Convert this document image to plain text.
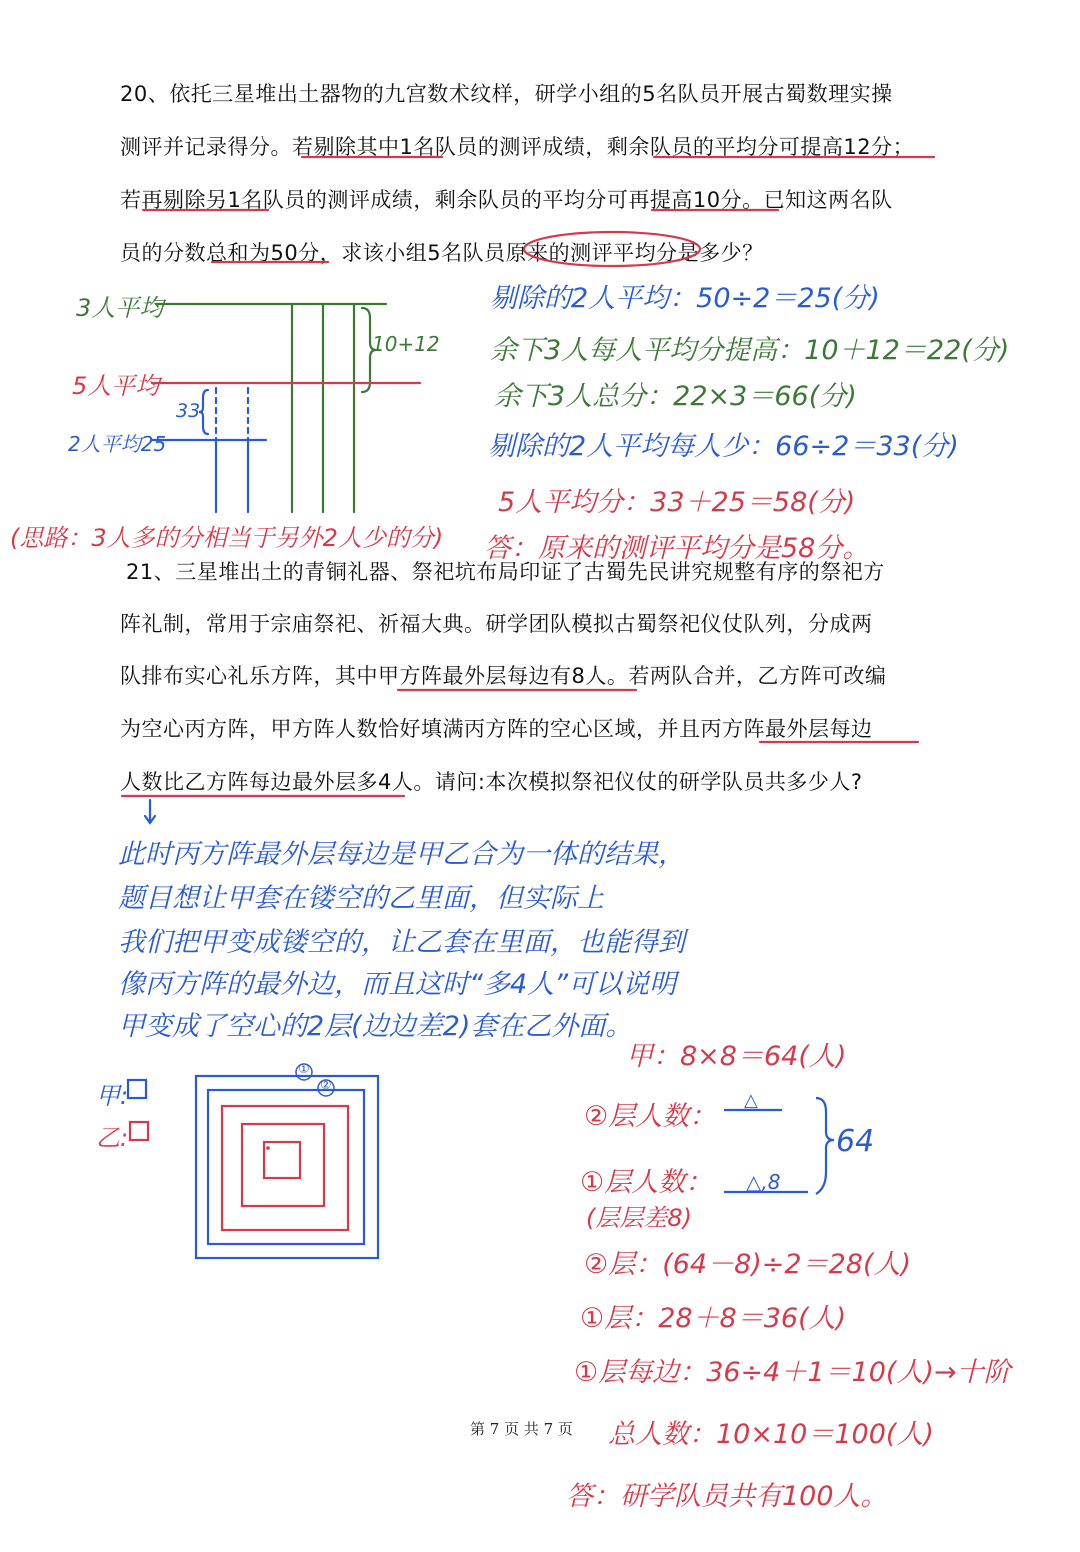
20、依托三星堆出土器物的九宫数术纹样，研学小组的5名队员开展古蜀数理实操
测评并记录得分。若剔除其中1名队员的测评成绩，剩余队员的平均分可提高12分；
若再剔除另1名队员的测评成绩，剩余队员的平均分可再提高10分。已知这两名队
员的分数总和为50分，求该小组5名队员原来的测评平均分是多少？
3人平均
5人平均
2人平均25
33
10+12
(思路：3人多的分相当于另外2人少的分)
剔除的2人平均：50÷2＝25(分)
余下3人每人平均分提高：10＋12＝22(分)
余下3人总分：22×3＝66(分)
剔除的2人平均每人少：66÷2＝33(分)
5人平均分：33＋25＝58(分)
答：原来的测评平均分是58分。
21、三星堆出土的青铜礼器、祭祀坑布局印证了古蜀先民讲究规整有序的祭祀方
阵礼制，常用于宗庙祭祀、祈福大典。研学团队模拟古蜀祭祀仪仗队列，分成两
队排布实心礼乐方阵，其中甲方阵最外层每边有8人。若两队合并，乙方阵可改编
为空心丙方阵，甲方阵人数恰好填满丙方阵的空心区域，并且丙方阵最外层每边
人数比乙方阵每边最外层多4人。请问:本次模拟祭祀仪仗的研学队员共多少人?
此时丙方阵最外层每边是甲乙合为一体的结果，
题目想让甲套在镂空的乙里面，但实际上
我们把甲变成镂空的，让乙套在里面，也能得到
像丙方阵的最外边，而且这时“多4人”可以说明
甲变成了空心的2层(边边差2)套在乙外面。
甲:
乙:
①
②
甲：8×8＝64(人)
②层人数：
△
①层人数： △,8
(层层差8)
64
②层：(64－8)÷2＝28(人)
①层：28＋8＝36(人)
①层每边：36÷4＋1＝10(人)→十阶
总人数：10×10＝100(人)
答：研学队员共有100人。
第 7 页 共 7 页
